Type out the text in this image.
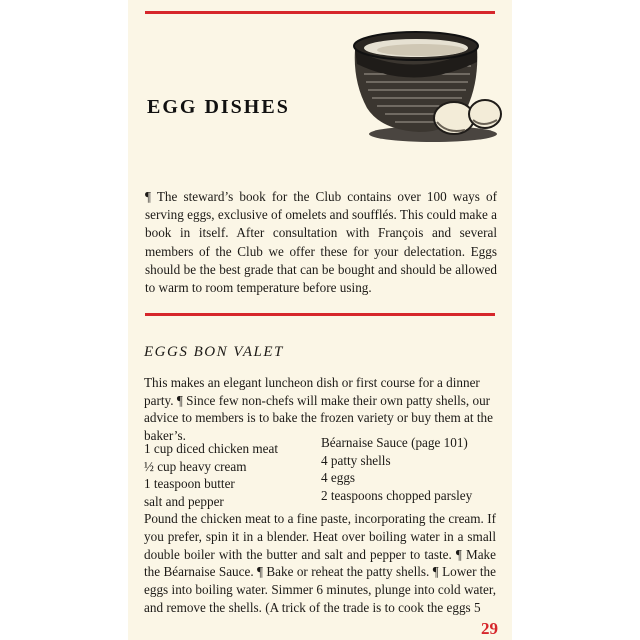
EGG DISHES
¶ The steward’s book for the Club contains over 100 ways of serving eggs, exclusive of omelets and soufflés. This could make a book in itself. After consultation with François and several members of the Club we offer these for your delectation. Eggs should be the best grade that can be bought and should be allowed to warm to room temperature before using.
EGGS BON VALET
This makes an elegant luncheon dish or first course for a dinner party. ¶ Since few non-chefs will make their own patty shells, our advice to members is to bake the frozen variety or buy them at the baker’s.
1 cup diced chicken meat
½ cup heavy cream
1 teaspoon butter
salt and pepper
Béarnaise Sauce (page 101)
4 patty shells
4 eggs
2 teaspoons chopped parsley
Pound the chicken meat to a fine paste, incorporating the cream. If you prefer, spin it in a blender. Heat over boiling water in a small double boiler with the butter and salt and pepper to taste. ¶ Make the Béarnaise Sauce. ¶ Bake or reheat the patty shells. ¶ Lower the eggs into boiling water. Simmer 6 minutes, plunge into cold water, and remove the shells. (A trick of the trade is to cook the eggs 5
29
